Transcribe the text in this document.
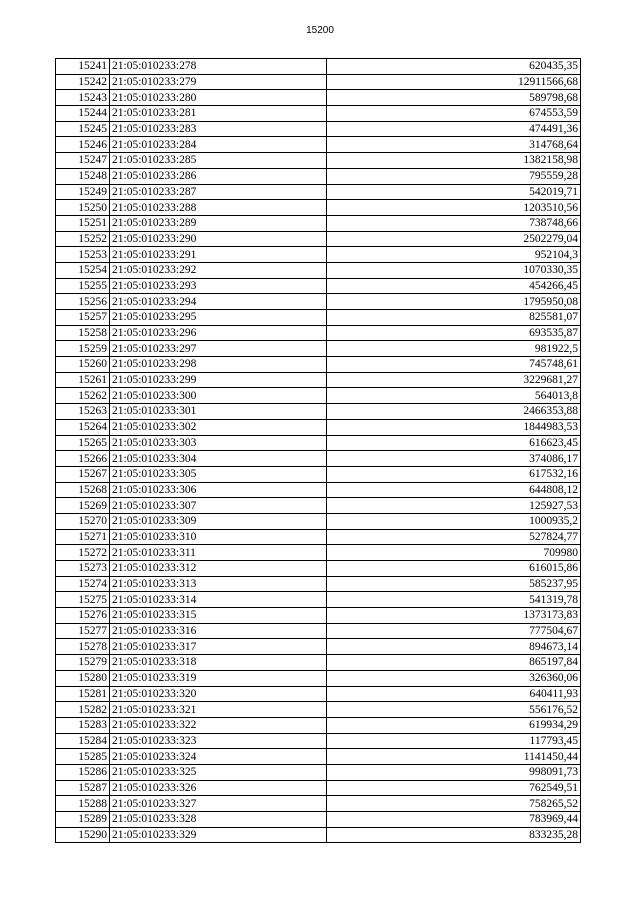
15200
15241	21:05:010233:278	620435,35
15242	21:05:010233:279	12911566,68
15243	21:05:010233:280	589798,68
15244	21:05:010233:281	674553,59
15245	21:05:010233:283	474491,36
15246	21:05:010233:284	314768,64
15247	21:05:010233:285	1382158,98
15248	21:05:010233:286	795559,28
15249	21:05:010233:287	542019,71
15250	21:05:010233:288	1203510,56
15251	21:05:010233:289	738748,66
15252	21:05:010233:290	2502279,04
15253	21:05:010233:291	952104,3
15254	21:05:010233:292	1070330,35
15255	21:05:010233:293	454266,45
15256	21:05:010233:294	1795950,08
15257	21:05:010233:295	825581,07
15258	21:05:010233:296	693535,87
15259	21:05:010233:297	981922,5
15260	21:05:010233:298	745748,61
15261	21:05:010233:299	3229681,27
15262	21:05:010233:300	564013,8
15263	21:05:010233:301	2466353,88
15264	21:05:010233:302	1844983,53
15265	21:05:010233:303	616623,45
15266	21:05:010233:304	374086,17
15267	21:05:010233:305	617532,16
15268	21:05:010233:306	644808,12
15269	21:05:010233:307	125927,53
15270	21:05:010233:309	1000935,2
15271	21:05:010233:310	527824,77
15272	21:05:010233:311	709980
15273	21:05:010233:312	616015,86
15274	21:05:010233:313	585237,95
15275	21:05:010233:314	541319,78
15276	21:05:010233:315	1373173,83
15277	21:05:010233:316	777504,67
15278	21:05:010233:317	894673,14
15279	21:05:010233:318	865197,84
15280	21:05:010233:319	326360,06
15281	21:05:010233:320	640411,93
15282	21:05:010233:321	556176,52
15283	21:05:010233:322	619934,29
15284	21:05:010233:323	117793,45
15285	21:05:010233:324	1141450,44
15286	21:05:010233:325	998091,73
15287	21:05:010233:326	762549,51
15288	21:05:010233:327	758265,52
15289	21:05:010233:328	783969,44
15290	21:05:010233:329	833235,28
